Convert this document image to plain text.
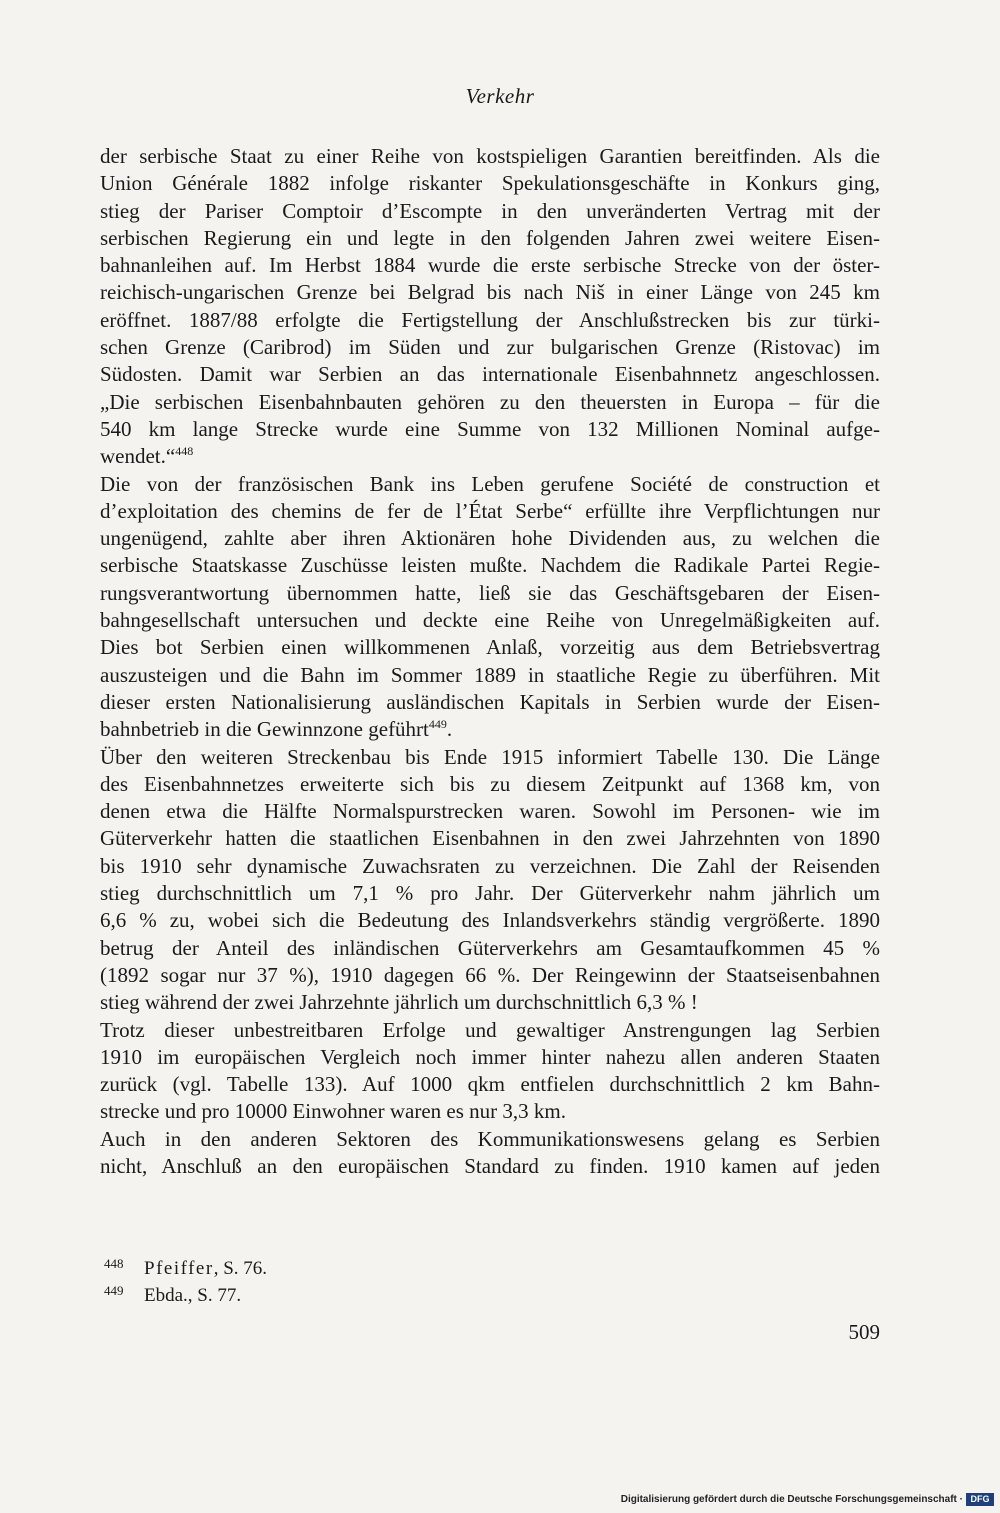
Verkehr
der serbische Staat zu einer Reihe von kostspieligen Garantien bereitfinden. Als die
Union Générale 1882 infolge riskanter Spekulationsgeschäfte in Konkurs ging,
stieg der Pariser Comptoir d’Escompte in den unveränderten Vertrag mit der
serbischen Regierung ein und legte in den folgenden Jahren zwei weitere Eisen-
bahnanleihen auf. Im Herbst 1884 wurde die erste serbische Strecke von der öster-
reichisch-ungarischen Grenze bei Belgrad bis nach Niš in einer Länge von 245 km
eröffnet. 1887/88 erfolgte die Fertigstellung der Anschlußstrecken bis zur türki-
schen Grenze (Caribrod) im Süden und zur bulgarischen Grenze (Ristovac) im
Südosten. Damit war Serbien an das internationale Eisenbahnnetz angeschlossen.
„Die serbischen Eisenbahnbauten gehören zu den theuersten in Europa – für die
540 km lange Strecke wurde eine Summe von 132 Millionen Nominal aufge-
wendet.“$^{448}$
Die von der französischen Bank ins Leben gerufene Société de construction et
d’exploitation des chemins de fer de l’État Serbe“ erfüllte ihre Verpflichtungen nur
ungenügend, zahlte aber ihren Aktionären hohe Dividenden aus, zu welchen die
serbische Staatskasse Zuschüsse leisten mußte. Nachdem die Radikale Partei Regie-
rungsverantwortung übernommen hatte, ließ sie das Geschäftsgebaren der Eisen-
bahngesellschaft untersuchen und deckte eine Reihe von Unregelmäßigkeiten auf.
Dies bot Serbien einen willkommenen Anlaß, vorzeitig aus dem Betriebsvertrag
auszusteigen und die Bahn im Sommer 1889 in staatliche Regie zu überführen. Mit
dieser ersten Nationalisierung ausländischen Kapitals in Serbien wurde der Eisen-
bahnbetrieb in die Gewinnzone geführt$^{449}$.
Über den weiteren Streckenbau bis Ende 1915 informiert Tabelle 130. Die Länge
des Eisenbahnnetzes erweiterte sich bis zu diesem Zeitpunkt auf 1368 km, von
denen etwa die Hälfte Normalspurstrecken waren. Sowohl im Personen- wie im
Güterverkehr hatten die staatlichen Eisenbahnen in den zwei Jahrzehnten von 1890
bis 1910 sehr dynamische Zuwachsraten zu verzeichnen. Die Zahl der Reisenden
stieg durchschnittlich um 7,1 % pro Jahr. Der Güterverkehr nahm jährlich um
6,6 % zu, wobei sich die Bedeutung des Inlandsverkehrs ständig vergrößerte. 1890
betrug der Anteil des inländischen Güterverkehrs am Gesamtaufkommen 45 %
(1892 sogar nur 37 %), 1910 dagegen 66 %. Der Reingewinn der Staatseisenbahnen
stieg während der zwei Jahrzehnte jährlich um durchschnittlich 6,3 % !
Trotz dieser unbestreitbaren Erfolge und gewaltiger Anstrengungen lag Serbien
1910 im europäischen Vergleich noch immer hinter nahezu allen anderen Staaten
zurück (vgl. Tabelle 133). Auf 1000 qkm entfielen durchschnittlich 2 km Bahn-
strecke und pro 10000 Einwohner waren es nur 3,3 km.
Auch in den anderen Sektoren des Kommunikationswesens gelang es Serbien
nicht, Anschluß an den europäischen Standard zu finden. 1910 kamen auf jeden
448 Pfeiffer, S. 76.
449 Ebda., S. 77.
509
Digitalisierung gefördert durch die Deutsche Forschungsgemeinschaft · DFG
